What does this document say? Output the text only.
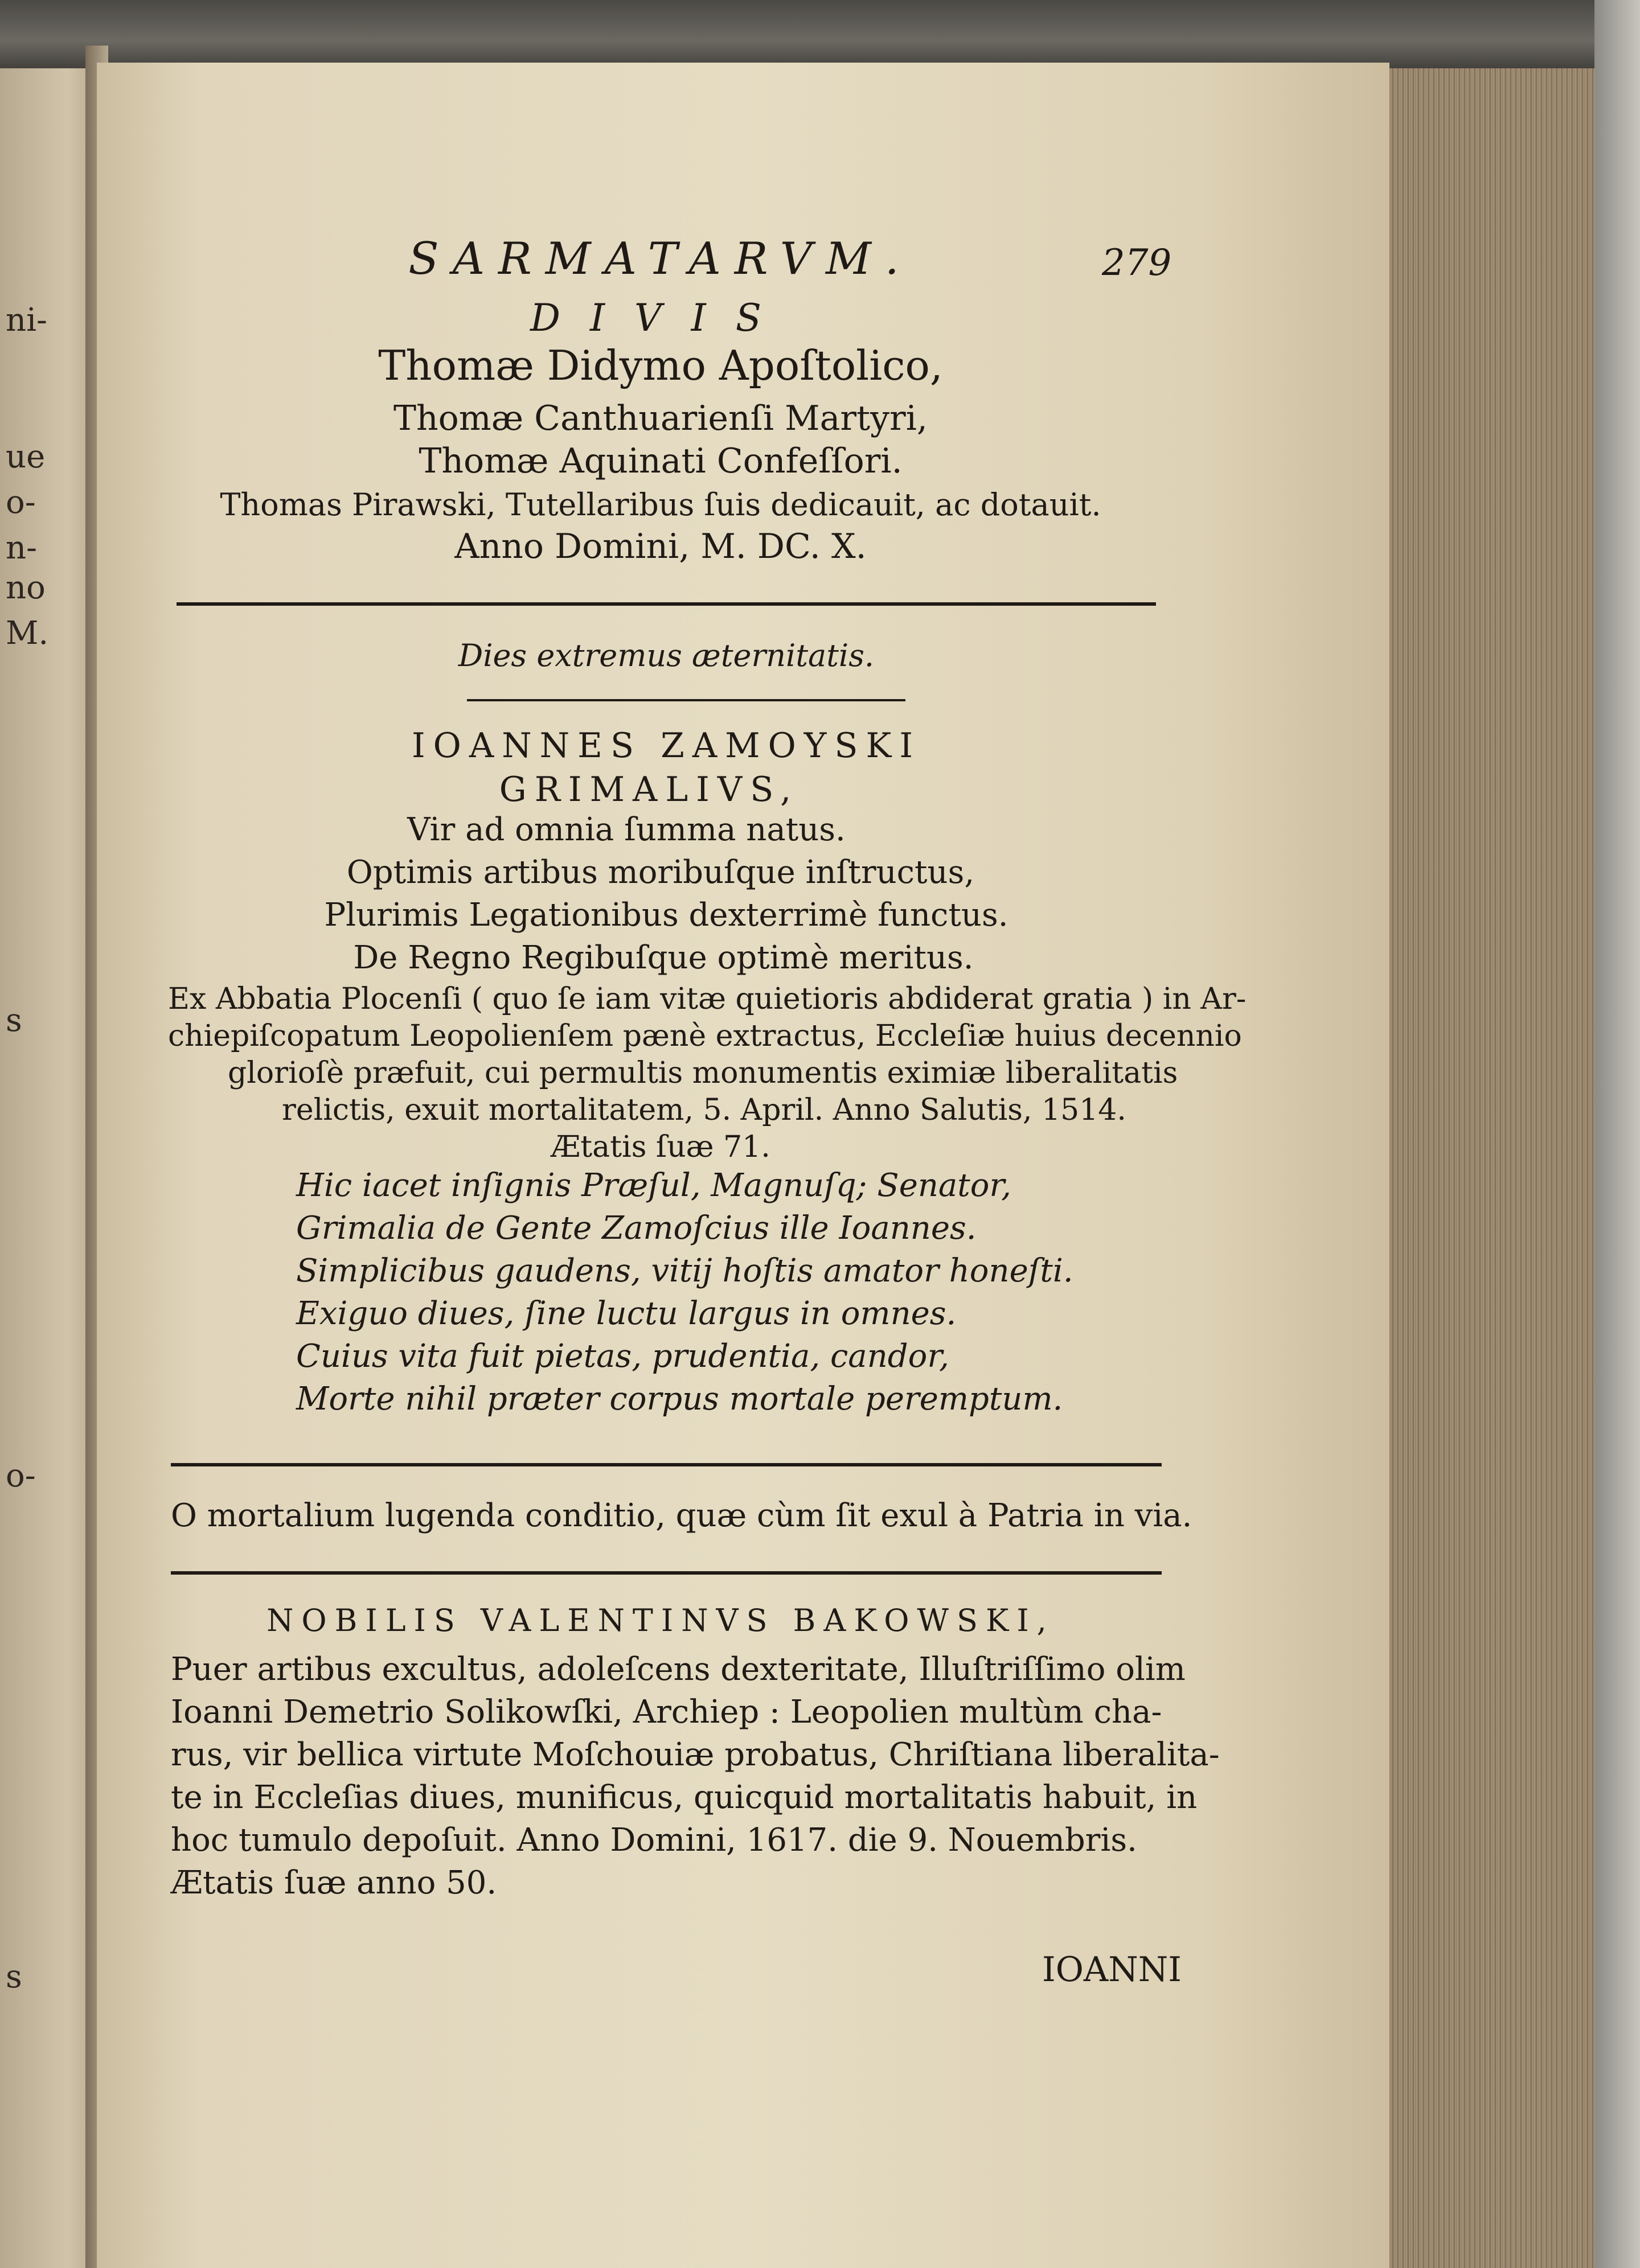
ni-
ue
o-
n-
no
M.
s
o-
s
SARMATARVM.	279
DIVIS
Thomæ Didymo Apoſtolico,
Thomæ Canthuarienſi Martyri,
Thomæ Aquinati Confeſſori.
Thomas Pirawski, Tutellaribus ſuis dedicauit, ac dotauit.
Anno Domini, M. DC. X.
Dies extremus æternitatis.
IOANNES ZAMOYSKI
GRIMALIVS,
Vir ad omnia ſumma natus.
Optimis artibus moribuſque inſtructus,
Plurimis Legationibus dexterrimè functus.
De Regno Regibuſque optimè meritus.
Ex Abbatia Plocenſi ( quo ſe iam vitæ quietioris abdiderat gratia ) in Ar-
chiepiſcopatum Leopolienſem pænè extractus, Eccleſiæ huius decennio
glorioſè præfuit, cui permultis monumentis eximiæ liberalitatis
relictis, exuit mortalitatem, 5. April. Anno Salutis, 1514.
Ætatis ſuæ 71.
Hic iacet inſignis Præſul, Magnuſq; Senator,
Grimalia de Gente Zamoſcius ille Ioannes.
Simplicibus gaudens, vitij hoſtis amator honeſti.
Exiguo diues, ſine luctu largus in omnes.
Cuius vita fuit pietas, prudentia, candor,
Morte nihil præter corpus mortale peremptum.
O mortalium lugenda conditio, quæ cùm ſit exul à Patria in via.
NOBILIS VALENTINVS BAKOWSKI,
Puer artibus excultus, adoleſcens dexteritate, Illuſtriſſimo olim
Ioanni Demetrio Solikowſki, Archiep : Leopolien multùm cha-
rus, vir bellica virtute Moſchouiæ probatus, Chriſtiana liberalita-
te in Eccleſias diues, munificus, quicquid mortalitatis habuit, in
hoc tumulo depoſuit. Anno Domini, 1617. die 9. Nouembris.
Ætatis ſuæ anno 50.
IOANNI
